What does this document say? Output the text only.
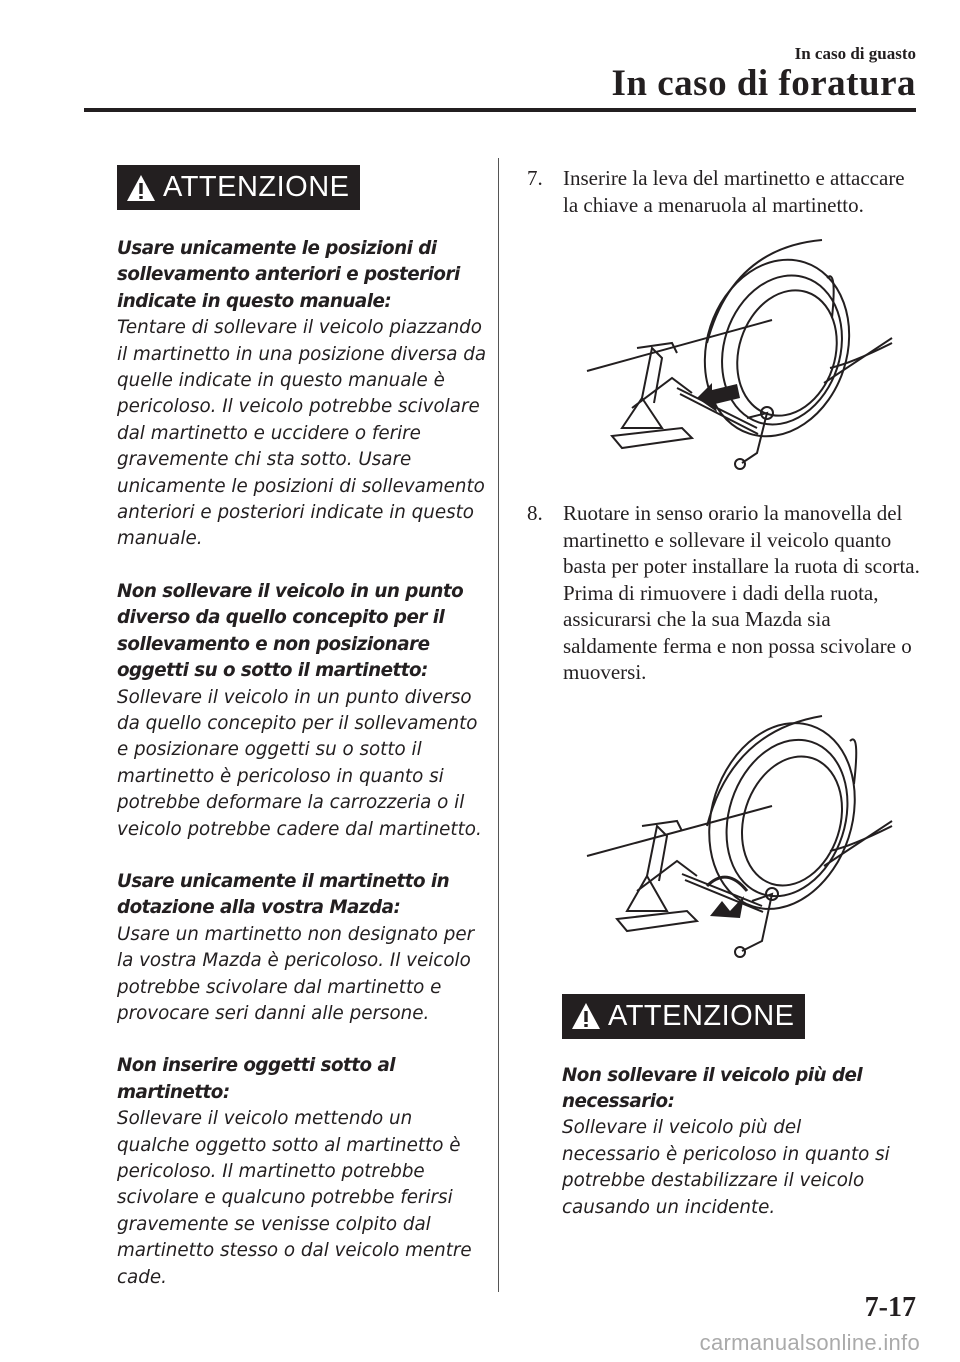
In caso di guasto
In caso di foratura
ATTENZIONE

Usare unicamente le posizioni di sollevamento anteriori e posteriori indicate in questo manuale:

Tentare di sollevare il veicolo piazzando il martinetto in una posizione diversa da quelle indicate in questo manuale è pericoloso. Il veicolo potrebbe scivolare dal martinetto e uccidere o ferire gravemente chi sta sotto. Usare unicamente le posizioni di sollevamento anteriori e posteriori indicate in questo manuale.

Non sollevare il veicolo in un punto diverso da quello concepito per il sollevamento e non posizionare oggetti su o sotto il martinetto:

Sollevare il veicolo in un punto diverso da quello concepito per il sollevamento e posizionare oggetti su o sotto il martinetto è pericoloso in quanto si potrebbe deformare la carrozzeria o il veicolo potrebbe cadere dal martinetto.

Usare unicamente il martinetto in dotazione alla vostra Mazda:

Usare un martinetto non designato per la vostra Mazda è pericoloso. Il veicolo potrebbe scivolare dal martinetto e provocare seri danni alle persone.

Non inserire oggetti sotto al martinetto:

Sollevare il veicolo mettendo un qualche oggetto sotto al martinetto è pericoloso. Il martinetto potrebbe scivolare e qualcuno potrebbe ferirsi gravemente se venisse colpito dal martinetto stesso o dal veicolo mentre cade.

7. Inserire la leva del martinetto e attaccare la chiave a menaruola al martinetto.
8. Ruotare in senso orario la manovella del martinetto e sollevare il veicolo quanto basta per poter installare la ruota di scorta. Prima di rimuovere i dadi della ruota, assicurarsi che la sua Mazda sia saldamente ferma e non possa scivolare o muoversi.
ATTENZIONE

Non sollevare il veicolo più del necessario:

Sollevare il veicolo più del necessario è pericoloso in quanto si potrebbe destabilizzare il veicolo causando un incidente.

7-17
carmanualsonline.info
